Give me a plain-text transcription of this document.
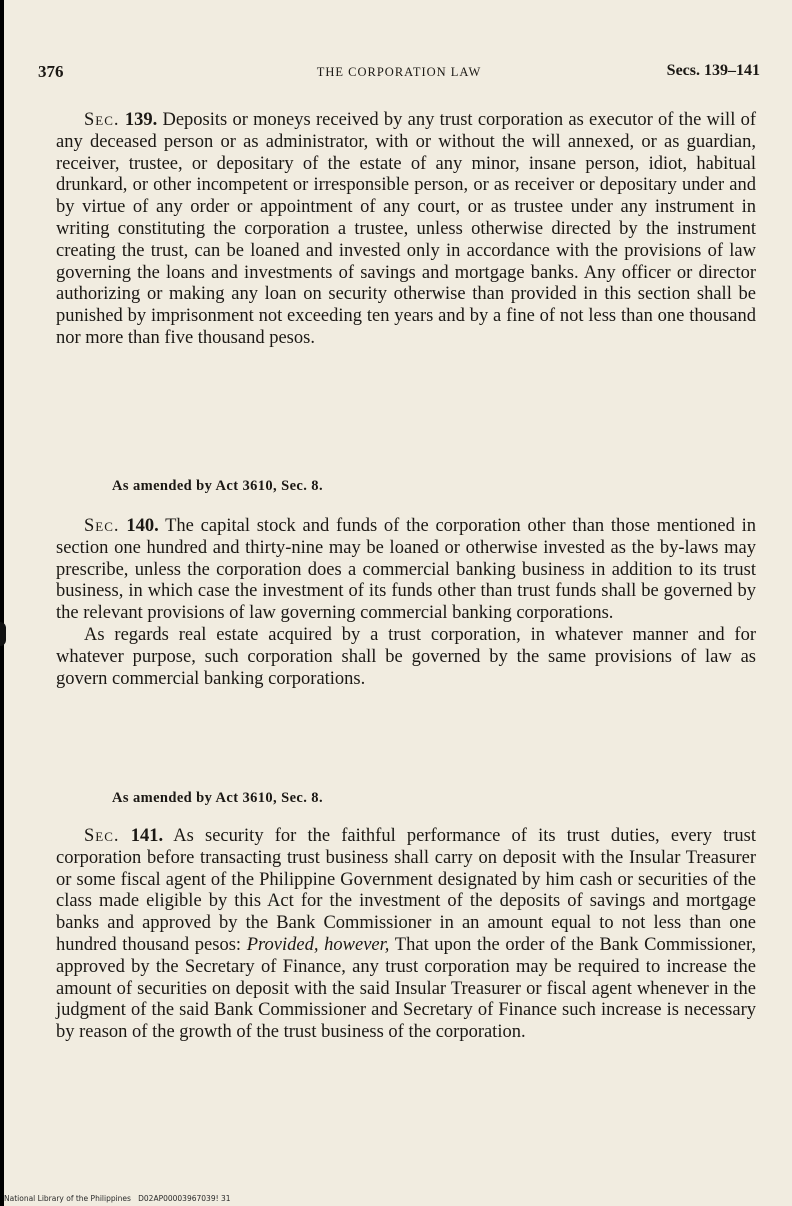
376	THE CORPORATION LAW	Secs. 139–141

Sec. 139. Deposits or moneys received by any trust corporation as executor of the will of any deceased person or as administrator, with or without the will annexed, or as guardian, receiver, trustee, or depositary of the estate of any minor, insane person, idiot, habitual drunkard, or other incompetent or irresponsible person, or as receiver or depositary under and by virtue of any order or appointment of any court, or as trustee under any instrument in writing constituting the corporation a trustee, unless otherwise directed by the instrument creating the trust, can be loaned and invested only in accordance with the provisions of law governing the loans and investments of savings and mortgage banks. Any officer or director authorizing or making any loan on security otherwise than provided in this section shall be punished by imprisonment not exceeding ten years and by a fine of not less than one thousand nor more than five thousand pesos.

As amended by Act 3610, Sec. 8.

Sec. 140. The capital stock and funds of the corporation other than those mentioned in section one hundred and thirty-nine may be loaned or otherwise invested as the by-laws may prescribe, unless the corporation does a commercial banking business in addition to its trust business, in which case the investment of its funds other than trust funds shall be governed by the relevant provisions of law governing commercial banking corporations.

As regards real estate acquired by a trust corporation, in whatever manner and for whatever purpose, such corporation shall be governed by the same provisions of law as govern commercial banking corporations.

As amended by Act 3610, Sec. 8.

Sec. 141. As security for the faithful performance of its trust duties, every trust corporation before transacting trust business shall carry on deposit with the Insular Treasurer or some fiscal agent of the Philippine Government designated by him cash or securities of the class made eligible by this Act for the investment of the deposits of savings and mortgage banks and approved by the Bank Commissioner in an amount equal to not less than one hundred thousand pesos: Provided, however, That upon the order of the Bank Commissioner, approved by the Secretary of Finance, any trust corporation may be required to increase the amount of securities on deposit with the said Insular Treasurer or fiscal agent whenever in the judgment of the said Bank Commissioner and Secretary of Finance such increase is necessary by reason of the growth of the trust business of the corporation.

National Library of the Philippines D02AP00003967039! 31
